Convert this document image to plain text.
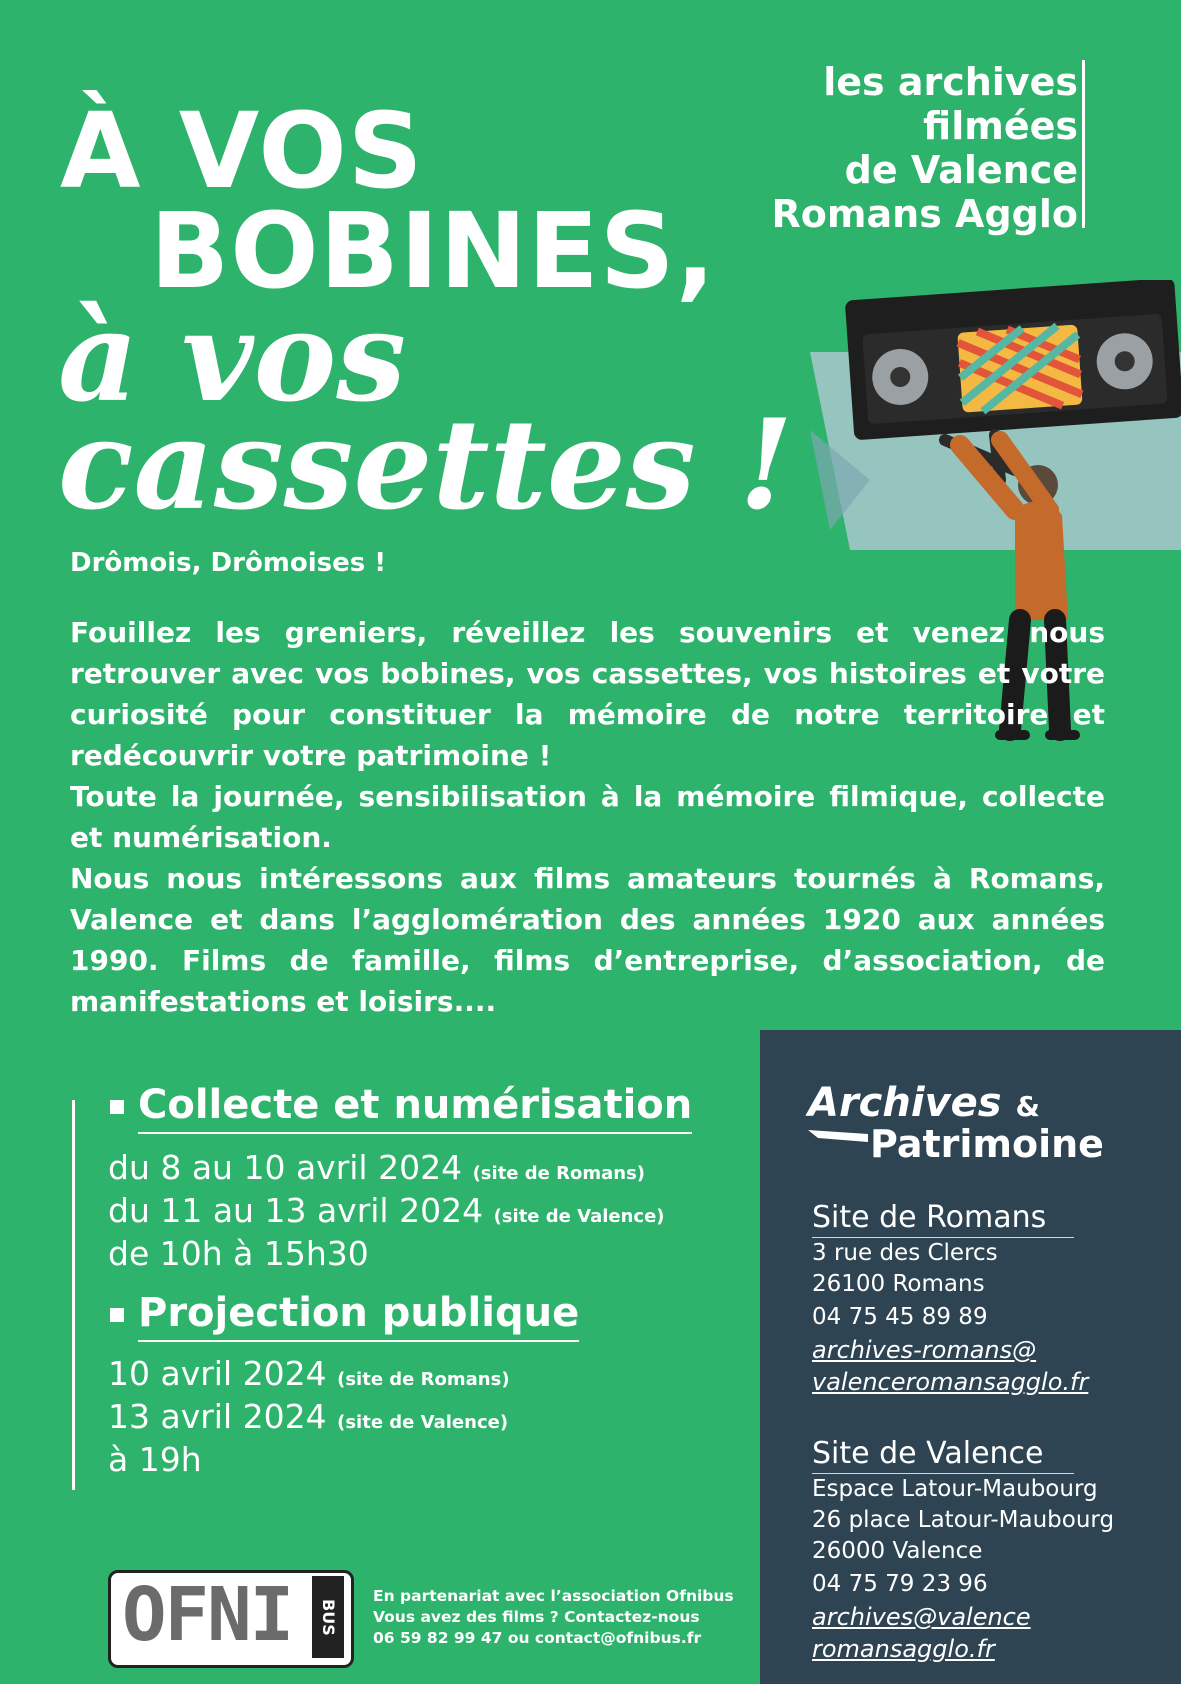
À VOS
BOBINES,
à vos
cassettes !
les archives
filmées
de Valence
Romans Agglo
Drômois, Drômoises !

Fouillez les greniers, réveillez les souvenirs et venez nous retrouver avec vos bobines, vos cassettes, vos histoires et votre curiosité pour constituer la mémoire de notre territoire et redécouvrir votre patrimoine !

Toute la journée, sensibilisation à la mémoire filmique, collecte et numérisation.

Nous nous intéressons aux films amateurs tournés à Romans, Valence et dans l’agglomération des années 1920 aux années 1990. Films de famille, films d’entreprise, d’association, de manifestations et loisirs....

Collecte et numérisation
du 8 au 10 avril 2024 (site de Romans)
du 11 au 13 avril 2024 (site de Valence)
de 10h à 15h30
Projection publique
10 avril 2024 (site de Romans)
13 avril 2024 (site de Valence)
à 19h
Archives &
Patrimoine
Site de Romans
3 rue des Clercs
26100 Romans
04 75 45 89 89
archives-romans@
valenceromansagglo.fr
Site de Valence
Espace Latour-Maubourg
26 place Latour-Maubourg
26000 Valence
04 75 79 23 96
archives@valence
romansagglo.fr
OFNI	BUS
En partenariat avec l’association Ofnibus
Vous avez des films ? Contactez-nous
06 59 82 99 47 ou contact@ofnibus.fr
